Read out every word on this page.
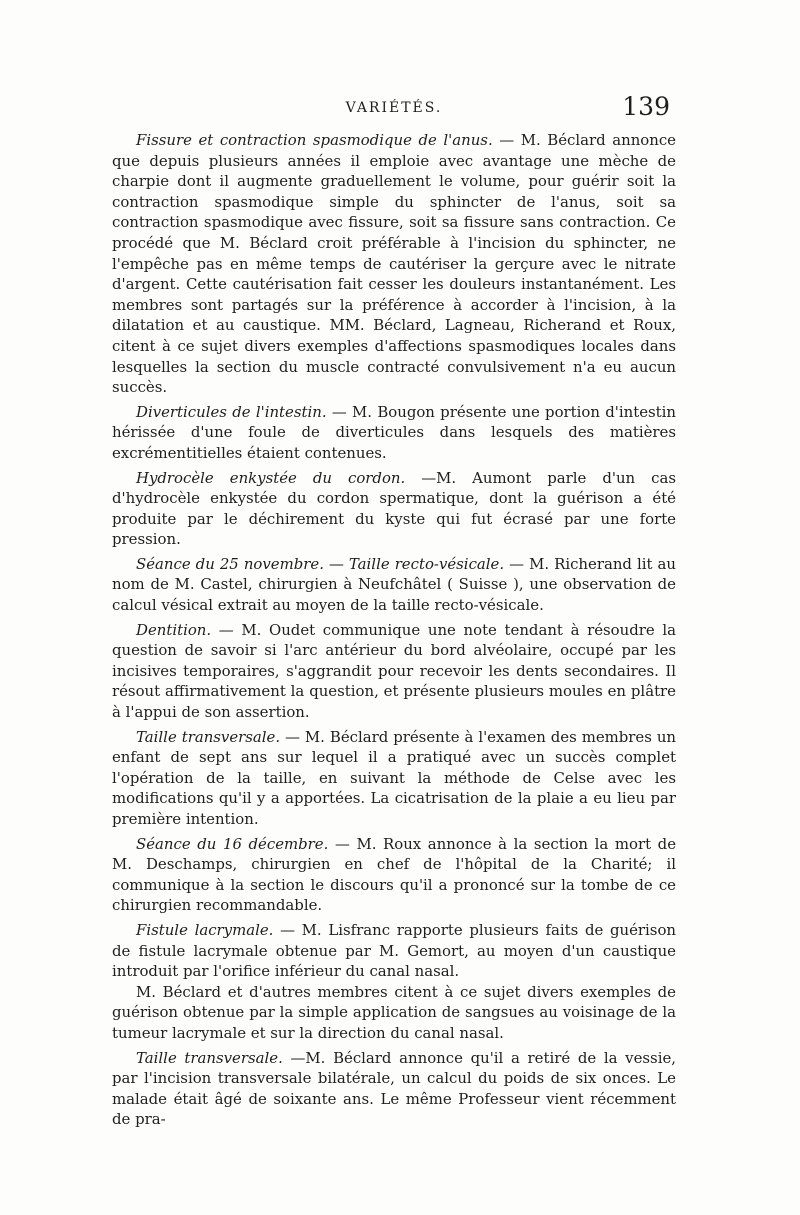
VARIÉTÉS.	139

Fissure et contraction spasmodique de l'anus. — M. Béclard annonce que depuis plusieurs années il emploie avec avantage une mèche de charpie dont il augmente graduellement le volume, pour guérir soit la contraction spasmodique simple du sphincter de l'anus, soit sa contraction spasmodique avec fissure, soit sa fissure sans contraction. Ce procédé que M. Béclard croit préférable à l'incision du sphincter, ne l'empêche pas en même temps de cautériser la gerçure avec le nitrate d'argent. Cette cautérisation fait cesser les douleurs instantanément. Les membres sont partagés sur la préférence à accorder à l'incision, à la dilatation et au caustique. MM. Béclard, Lagneau, Richerand et Roux, citent à ce sujet divers exemples d'affections spasmodiques locales dans lesquelles la section du muscle contracté convulsivement n'a eu aucun succès.

Diverticules de l'intestin. — M. Bougon présente une portion d'intestin hérissée d'une foule de diverticules dans lesquels des matières excrémentitielles étaient contenues.

Hydrocèle enkystée du cordon. —M. Aumont parle d'un cas d'hydrocèle enkystée du cordon spermatique, dont la guérison a été produite par le déchirement du kyste qui fut écrasé par une forte pression.

Séance du 25 novembre. — Taille recto-vésicale. — M. Richerand lit au nom de M. Castel, chirurgien à Neufchâtel ( Suisse ), une observation de calcul vésical extrait au moyen de la taille recto-vésicale.

Dentition. — M. Oudet communique une note tendant à résoudre la question de savoir si l'arc antérieur du bord alvéolaire, occupé par les incisives temporaires, s'aggrandit pour recevoir les dents secondaires. Il résout affirmativement la question, et présente plusieurs moules en plâtre à l'appui de son assertion.

Taille transversale. — M. Béclard présente à l'examen des membres un enfant de sept ans sur lequel il a pratiqué avec un succès complet l'opération de la taille, en suivant la méthode de Celse avec les modifications qu'il y a apportées. La cicatrisation de la plaie a eu lieu par première intention.

Séance du 16 décembre. — M. Roux annonce à la section la mort de M. Deschamps, chirurgien en chef de l'hôpital de la Charité; il communique à la section le discours qu'il a prononcé sur la tombe de ce chirurgien recommandable.

Fistule lacrymale. — M. Lisfranc rapporte plusieurs faits de guérison de fistule lacrymale obtenue par M. Gemort, au moyen d'un caustique introduit par l'orifice inférieur du canal nasal.

M. Béclard et d'autres membres citent à ce sujet divers exemples de guérison obtenue par la simple application de sangsues au voisinage de la tumeur lacrymale et sur la direction du canal nasal.

Taille transversale. —M. Béclard annonce qu'il a retiré de la vessie, par l'incision transversale bilatérale, un calcul du poids de six onces. Le malade était âgé de soixante ans. Le même Professeur vient récemment de pra-
